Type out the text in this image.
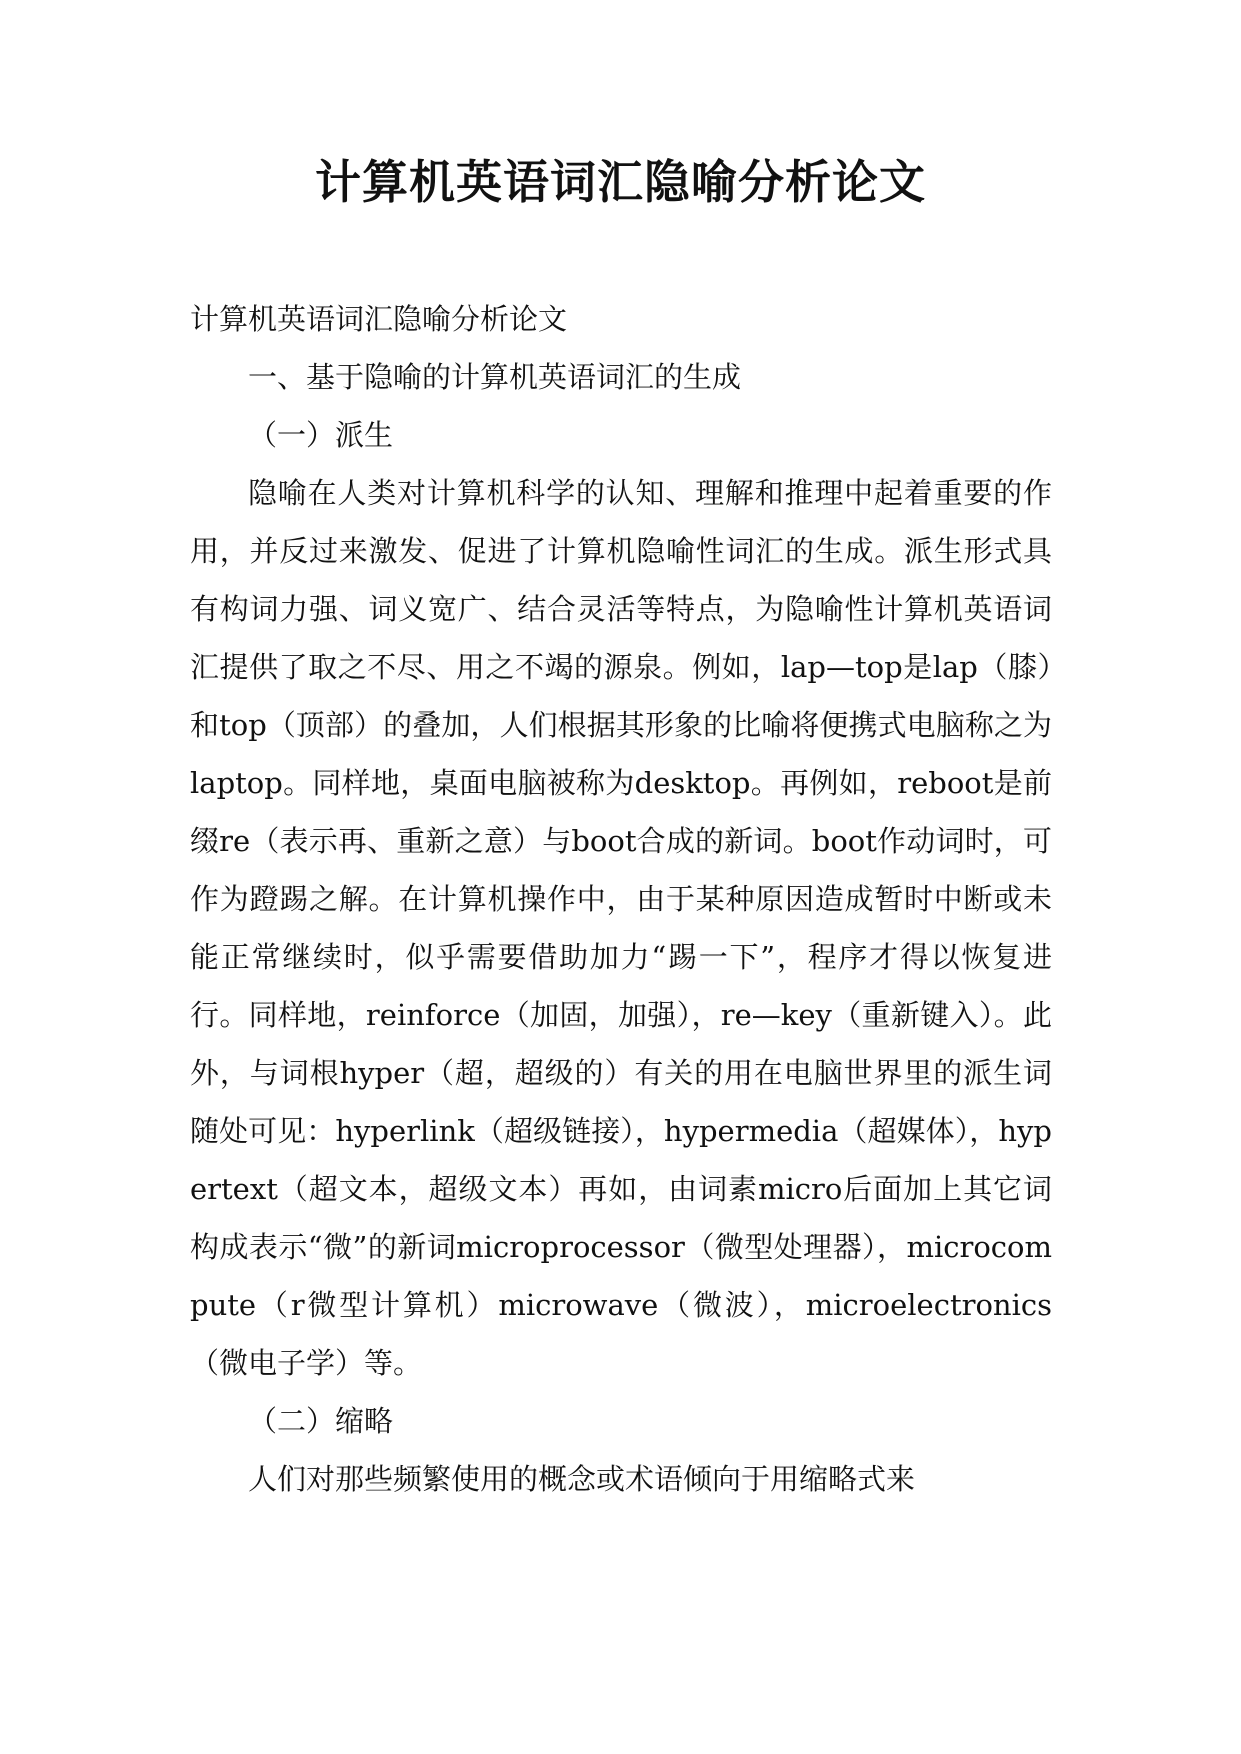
计算机英语词汇隐喻分析论文

计算机英语词汇隐喻分析论文

一、基于隐喻的计算机英语词汇的生成

（一）派生

隐喻在人类对计算机科学的认知、理解和推理中起着重要的作用，并反过来激发、促进了计算机隐喻性词汇的生成。派生形式具有构词力强、词义宽广、结合灵活等特点，为隐喻性计算机英语词汇提供了取之不尽、用之不竭的源泉。例如，lap—top是lap（膝）和top（顶部）的叠加，人们根据其形象的比喻将便携式电脑称之为laptop。同样地，桌面电脑被称为desktop。再例如，reboot是前缀re（表示再、重新之意）与boot合成的新词。boot作动词时，可作为蹬踢之解。在计算机操作中，由于某种原因造成暂时中断或未能正常继续时，似乎需要借助加力“踢一下”，程序才得以恢复进行。同样地，reinforce（加固，加强），re—key（重新键入）。此外，与词根hyper（超，超级的）有关的用在电脑世界里的派生词随处可见：hyperlink（超级链接），hypermedia（超媒体），hypertext（超文本，超级文本）再如，由词素micro后面加上其它词构成表示“微”的新词microprocessor（微型处理器），microcompute（r微型计算机）microwave（微波），microelectronics（微电子学）等。

（二）缩略

人们对那些频繁使用的概念或术语倾向于用缩略式来
